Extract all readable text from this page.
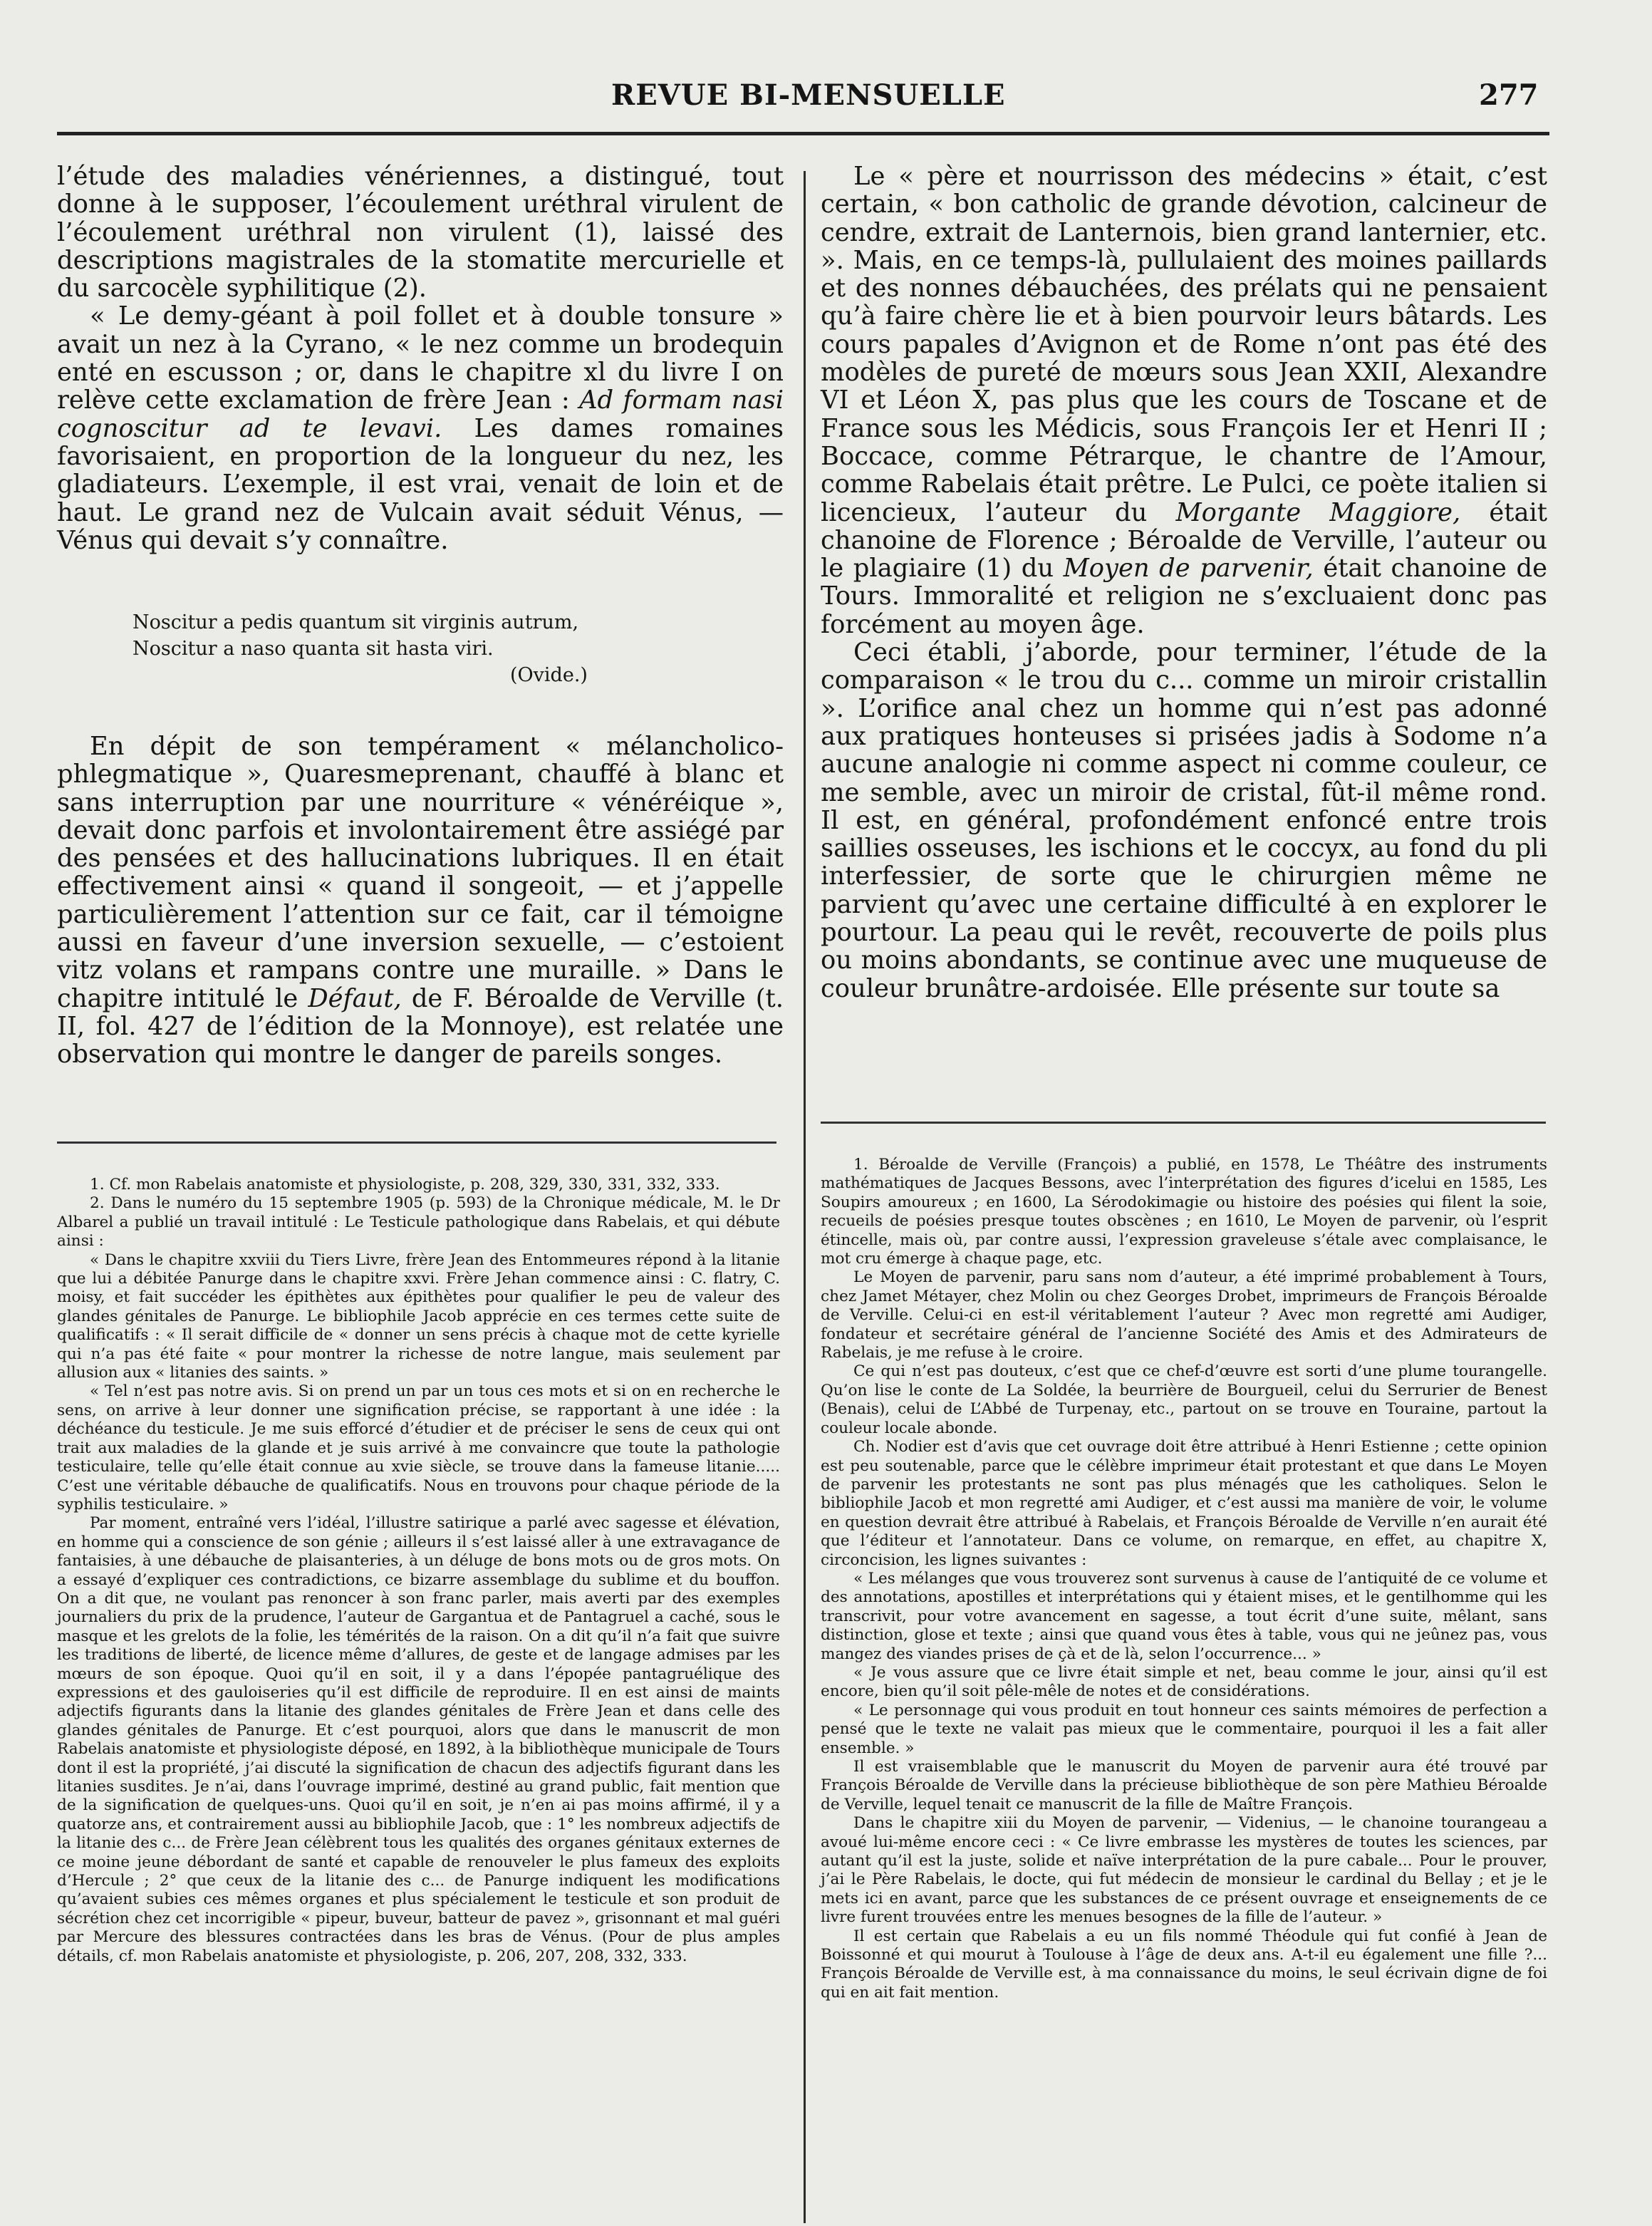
REVUE BI-MENSUELLE	277

l’étude des maladies vénériennes, a distingué, tout donne à le supposer, l’écoulement uréthral virulent de l’écoulement uréthral non virulent (1), laissé des descriptions magistrales de la stomatite mercurielle et du sarcocèle syphilitique (2).

« Le demy-géant à poil follet et à double tonsure » avait un nez à la Cyrano, « le nez comme un brodequin enté en escusson ; or, dans le chapitre xl du livre I on relève cette exclamation de frère Jean : Ad formam nasi cognoscitur ad te levavi. Les dames romaines favorisaient, en proportion de la longueur du nez, les gladiateurs. L’exemple, il est vrai, venait de loin et de haut. Le grand nez de Vulcain avait séduit Vénus, — Vénus qui devait s’y connaître.

Noscitur a pedis quantum sit virginis autrum,
Noscitur a naso quanta sit hasta viri.
(Ovide.)

En dépit de son tempérament « mélancholico-phlegmatique », Quaresmeprenant, chauffé à blanc et sans interruption par une nourriture « vénéréique », devait donc parfois et involontairement être assiégé par des pensées et des hallucinations lubriques. Il en était effectivement ainsi « quand il songeoit, — et j’appelle particulièrement l’attention sur ce fait, car il témoigne aussi en faveur d’une inversion sexuelle, — c’estoient vitz volans et rampans contre une muraille. » Dans le chapitre intitulé le Défaut, de F. Béroalde de Verville (t. II, fol. 427 de l’édition de la Monnoye), est relatée une observation qui montre le danger de pareils songes.

Le « père et nourrisson des médecins » était, c’est certain, « bon catholic de grande dévotion, calcineur de cendre, extrait de Lanternois, bien grand lanternier, etc. ». Mais, en ce temps-là, pullulaient des moines paillards et des nonnes débauchées, des prélats qui ne pensaient qu’à faire chère lie et à bien pourvoir leurs bâtards. Les cours papales d’Avignon et de Rome n’ont pas été des modèles de pureté de mœurs sous Jean XXII, Alexandre VI et Léon X, pas plus que les cours de Toscane et de France sous les Médicis, sous François Ier et Henri II ; Boccace, comme Pétrarque, le chantre de l’Amour, comme Rabelais était prêtre. Le Pulci, ce poète italien si licencieux, l’auteur du Morgante Maggiore, était chanoine de Florence ; Béroalde de Verville, l’auteur ou le plagiaire (1) du Moyen de parvenir, était chanoine de Tours. Immoralité et religion ne s’excluaient donc pas forcément au moyen âge.

Ceci établi, j’aborde, pour terminer, l’étude de la comparaison « le trou du c... comme un miroir cristallin ». L’orifice anal chez un homme qui n’est pas adonné aux pratiques honteuses si prisées jadis à Sodome n’a aucune analogie ni comme aspect ni comme couleur, ce me semble, avec un miroir de cristal, fût-il même rond. Il est, en général, profondément enfoncé entre trois saillies osseuses, les ischions et le coccyx, au fond du pli interfessier, de sorte que le chirurgien même ne parvient qu’avec une certaine difficulté à en explorer le pourtour. La peau qui le revêt, recouverte de poils plus ou moins abondants, se continue avec une muqueuse de couleur brunâtre-ardoisée. Elle présente sur toute sa

1. Cf. mon Rabelais anatomiste et physiologiste, p. 208, 329, 330, 331, 332, 333.

2. Dans le numéro du 15 septembre 1905 (p. 593) de la Chronique médicale, M. le Dr Albarel a publié un travail intitulé : Le Testicule pathologique dans Rabelais, et qui débute ainsi :

« Dans le chapitre xxviii du Tiers Livre, frère Jean des Entommeures répond à la litanie que lui a débitée Panurge dans le chapitre xxvi. Frère Jehan commence ainsi : C. flatry, C. moisy, et fait succéder les épithètes aux épithètes pour qualifier le peu de valeur des glandes génitales de Panurge. Le bibliophile Jacob apprécie en ces termes cette suite de qualificatifs : « Il serait difficile de « donner un sens précis à chaque mot de cette kyrielle qui n’a pas été faite « pour montrer la richesse de notre langue, mais seulement par allusion aux « litanies des saints. »

« Tel n’est pas notre avis. Si on prend un par un tous ces mots et si on en recherche le sens, on arrive à leur donner une signification précise, se rapportant à une idée : la déchéance du testicule. Je me suis efforcé d’étudier et de préciser le sens de ceux qui ont trait aux maladies de la glande et je suis arrivé à me convaincre que toute la pathologie testiculaire, telle qu’elle était connue au xvie siècle, se trouve dans la fameuse litanie..... C’est une véritable débauche de qualificatifs. Nous en trouvons pour chaque période de la syphilis testiculaire. »

Par moment, entraîné vers l’idéal, l’illustre satirique a parlé avec sagesse et élévation, en homme qui a conscience de son génie ; ailleurs il s’est laissé aller à une extravagance de fantaisies, à une débauche de plaisanteries, à un déluge de bons mots ou de gros mots. On a essayé d’expliquer ces contradictions, ce bizarre assemblage du sublime et du bouffon. On a dit que, ne voulant pas renoncer à son franc parler, mais averti par des exemples journaliers du prix de la prudence, l’auteur de Gargantua et de Pantagruel a caché, sous le masque et les grelots de la folie, les témérités de la raison. On a dit qu’il n’a fait que suivre les traditions de liberté, de licence même d’allures, de geste et de langage admises par les mœurs de son époque. Quoi qu’il en soit, il y a dans l’épopée pantagruélique des expressions et des gauloiseries qu’il est difficile de reproduire. Il en est ainsi de maints adjectifs figurants dans la litanie des glandes génitales de Frère Jean et dans celle des glandes génitales de Panurge. Et c’est pourquoi, alors que dans le manuscrit de mon Rabelais anatomiste et physiologiste déposé, en 1892, à la bibliothèque municipale de Tours dont il est la propriété, j’ai discuté la signification de chacun des adjectifs figurant dans les litanies susdites. Je n’ai, dans l’ouvrage imprimé, destiné au grand public, fait mention que de la signification de quelques-uns. Quoi qu’il en soit, je n’en ai pas moins affirmé, il y a quatorze ans, et contrairement aussi au bibliophile Jacob, que : 1° les nombreux adjectifs de la litanie des c... de Frère Jean célèbrent tous les qualités des organes génitaux externes de ce moine jeune débordant de santé et capable de renouveler le plus fameux des exploits d’Hercule ; 2° que ceux de la litanie des c... de Panurge indiquent les modifications qu’avaient subies ces mêmes organes et plus spécialement le testicule et son produit de sécrétion chez cet incorrigible « pipeur, buveur, batteur de pavez », grisonnant et mal guéri par Mercure des blessures contractées dans les bras de Vénus. (Pour de plus amples détails, cf. mon Rabelais anatomiste et physiologiste, p. 206, 207, 208, 332, 333.

1. Béroalde de Verville (François) a publié, en 1578, Le Théâtre des instruments mathématiques de Jacques Bessons, avec l’interprétation des figures d’icelui en 1585, Les Soupirs amoureux ; en 1600, La Sérodokimagie ou histoire des poésies qui filent la soie, recueils de poésies presque toutes obscènes ; en 1610, Le Moyen de parvenir, où l’esprit étincelle, mais où, par contre aussi, l’expression graveleuse s’étale avec complaisance, le mot cru émerge à chaque page, etc.

Le Moyen de parvenir, paru sans nom d’auteur, a été imprimé probablement à Tours, chez Jamet Métayer, chez Molin ou chez Georges Drobet, imprimeurs de François Béroalde de Verville. Celui-ci en est-il véritablement l’auteur ? Avec mon regretté ami Audiger, fondateur et secrétaire général de l’ancienne Société des Amis et des Admirateurs de Rabelais, je me refuse à le croire.

Ce qui n’est pas douteux, c’est que ce chef-d’œuvre est sorti d’une plume tourangelle. Qu’on lise le conte de La Soldée, la beurrière de Bourgueil, celui du Serrurier de Benest (Benais), celui de L’Abbé de Turpenay, etc., partout on se trouve en Touraine, partout la couleur locale abonde.

Ch. Nodier est d’avis que cet ouvrage doit être attribué à Henri Estienne ; cette opinion est peu soutenable, parce que le célèbre imprimeur était protestant et que dans Le Moyen de parvenir les protestants ne sont pas plus ménagés que les catholiques. Selon le bibliophile Jacob et mon regretté ami Audiger, et c’est aussi ma manière de voir, le volume en question devrait être attribué à Rabelais, et François Béroalde de Verville n’en aurait été que l’éditeur et l’annotateur. Dans ce volume, on remarque, en effet, au chapitre X, circoncision, les lignes suivantes :

« Les mélanges que vous trouverez sont survenus à cause de l’antiquité de ce volume et des annotations, apostilles et interprétations qui y étaient mises, et le gentilhomme qui les transcrivit, pour votre avancement en sagesse, a tout écrit d’une suite, mêlant, sans distinction, glose et texte ; ainsi que quand vous êtes à table, vous qui ne jeûnez pas, vous mangez des viandes prises de çà et de là, selon l’occurrence... »

« Je vous assure que ce livre était simple et net, beau comme le jour, ainsi qu’il est encore, bien qu’il soit pêle-mêle de notes et de considérations.

« Le personnage qui vous produit en tout honneur ces saints mémoires de perfection a pensé que le texte ne valait pas mieux que le commentaire, pourquoi il les a fait aller ensemble. »

Il est vraisemblable que le manuscrit du Moyen de parvenir aura été trouvé par François Béroalde de Verville dans la précieuse bibliothèque de son père Mathieu Béroalde de Verville, lequel tenait ce manuscrit de la fille de Maître François.

Dans le chapitre xiii du Moyen de parvenir, — Videnius, — le chanoine tourangeau a avoué lui-même encore ceci : « Ce livre embrasse les mystères de toutes les sciences, par autant qu’il est la juste, solide et naïve interprétation de la pure cabale... Pour le prouver, j’ai le Père Rabelais, le docte, qui fut médecin de monsieur le cardinal du Bellay ; et je le mets ici en avant, parce que les substances de ce présent ouvrage et enseignements de ce livre furent trouvées entre les menues besognes de la fille de l’auteur. »

Il est certain que Rabelais a eu un fils nommé Théodule qui fut confié à Jean de Boissonné et qui mourut à Toulouse à l’âge de deux ans. A-t-il eu également une fille ?... François Béroalde de Verville est, à ma connaissance du moins, le seul écrivain digne de foi qui en ait fait mention.
